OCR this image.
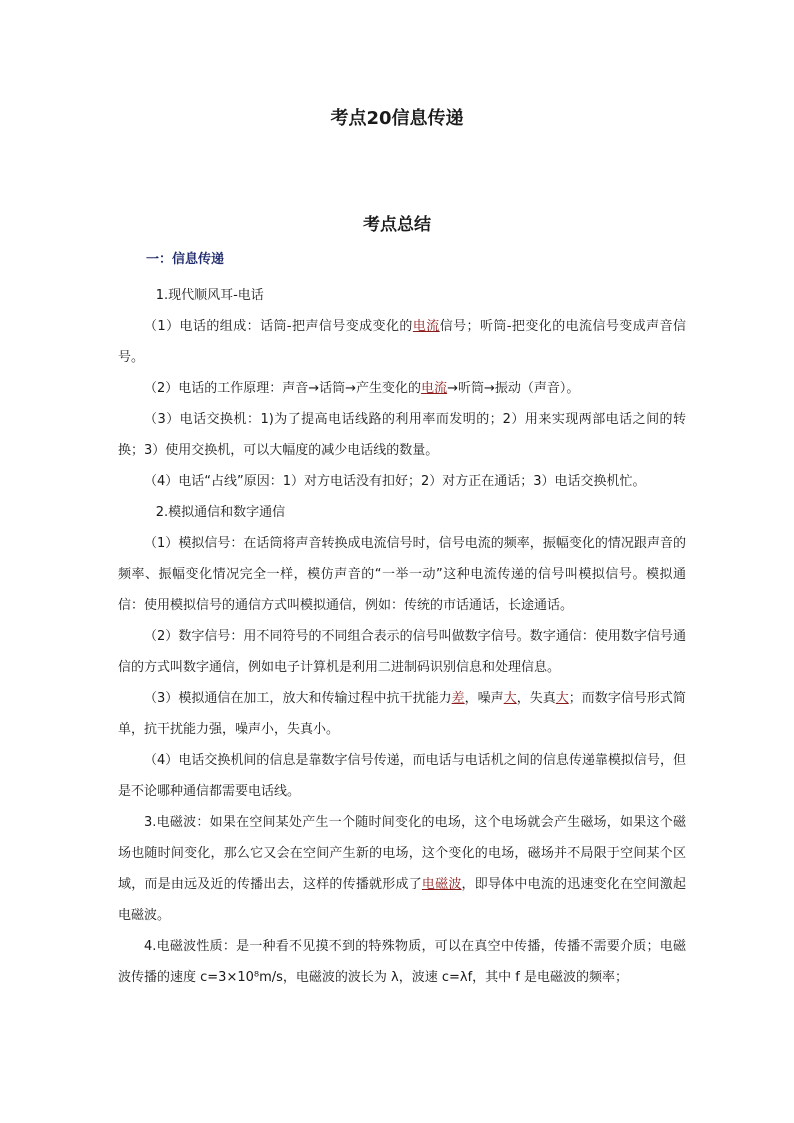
考点20信息传递
考点总结
一：信息传递

1.现代顺风耳-电话

（1）电话的组成：话筒-把声信号变成变化的电流信号；听筒-把变化的电流信号变成声音信号。

（2）电话的工作原理：声音→话筒→产生变化的电流→听筒→振动（声音）。

（3）电话交换机：1)为了提高电话线路的利用率而发明的；2）用来实现两部电话之间的转换；3）使用交换机，可以大幅度的减少电话线的数量。

（4）电话“占线”原因：1）对方电话没有扣好；2）对方正在通话；3）电话交换机忙。

2.模拟通信和数字通信

（1）模拟信号：在话筒将声音转换成电流信号时，信号电流的频率，振幅变化的情况跟声音的频率、振幅变化情况完全一样，模仿声音的“一举一动”这种电流传递的信号叫模拟信号。模拟通信：使用模拟信号的通信方式叫模拟通信，例如：传统的市话通话，长途通话。

（2）数字信号：用不同符号的不同组合表示的信号叫做数字信号。数字通信：使用数字信号通信的方式叫数字通信，例如电子计算机是利用二进制码识别信息和处理信息。

（3）模拟通信在加工，放大和传输过程中抗干扰能力差，噪声大，失真大；而数字信号形式简单，抗干扰能力强，噪声小，失真小。

（4）电话交换机间的信息是靠数字信号传递，而电话与电话机之间的信息传递靠模拟信号，但是不论哪种通信都需要电话线。

3.电磁波：如果在空间某处产生一个随时间变化的电场，这个电场就会产生磁场，如果这个磁场也随时间变化，那么它又会在空间产生新的电场，这个变化的电场，磁场并不局限于空间某个区域，而是由远及近的传播出去，这样的传播就形成了电磁波，即导体中电流的迅速变化在空间激起电磁波。

4.电磁波性质：是一种看不见摸不到的特殊物质，可以在真空中传播，传播不需要介质；电磁波传播的速度 c=3×10⁸m/s，电磁波的波长为 λ，波速 c=λf，其中 f 是电磁波的频率；
